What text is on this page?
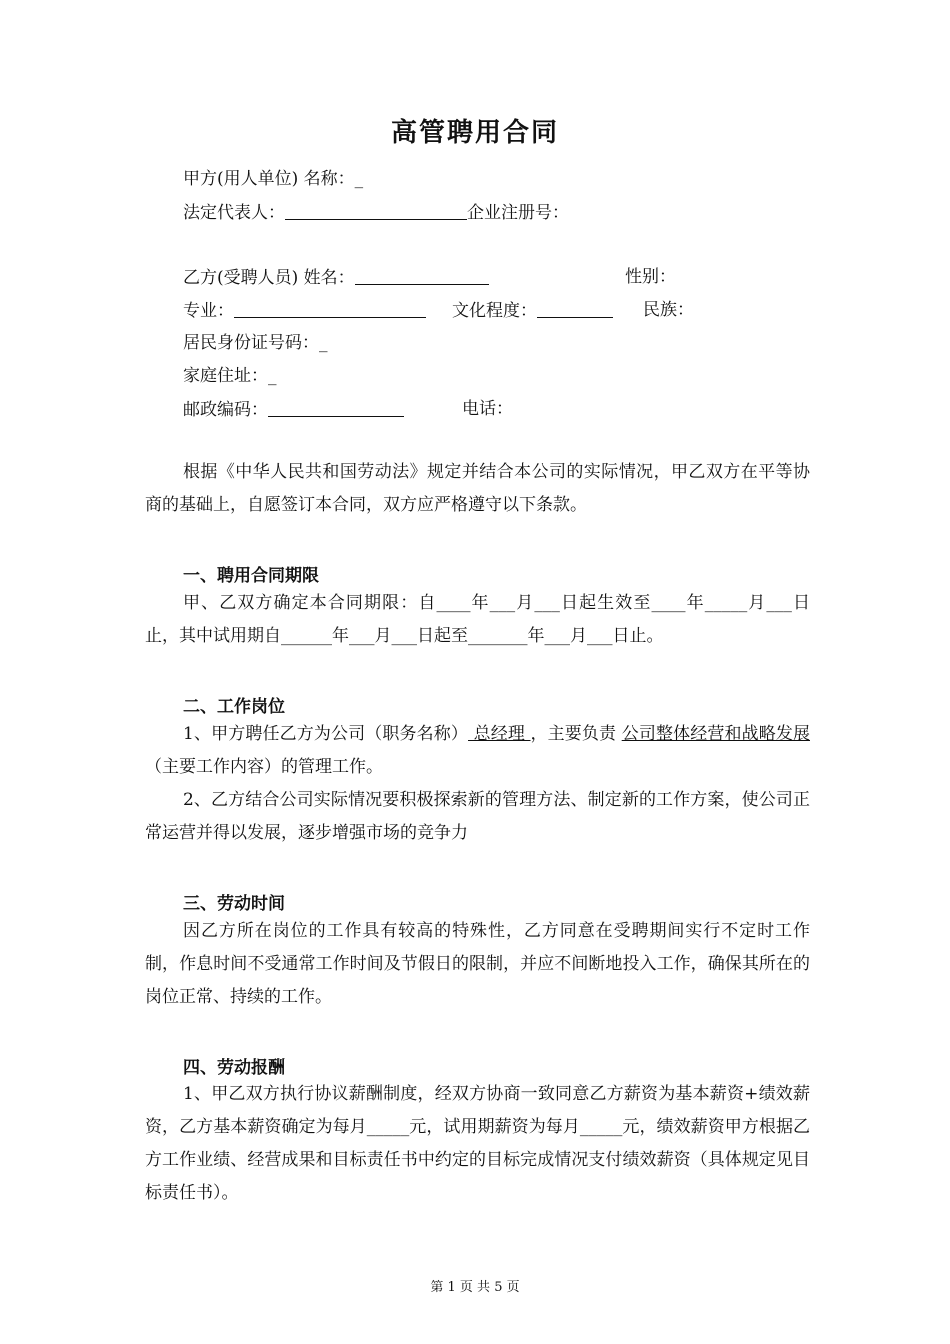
高管聘用合同
甲方(用人单位) 名称：_
法定代表人：	企业注册号：
乙方(受聘人员) 姓名：	性别：
专业：	文化程度：	民族：
居民身份证号码：_
家庭住址：_
邮政编码：	电话：
根据《中华人民共和国劳动法》规定并结合本公司的实际情况，甲乙双方在平等协商的基础上，自愿签订本合同，双方应严格遵守以下条款。
一、聘用合同期限
甲、乙双方确定本合同期限：自____年___月___日起生效至____年_____月___日止，其中试用期自______年___月___日起至_______年___月___日止。
二、工作岗位
1、甲方聘任乙方为公司（职务名称） 总经理 ，主要负责 公司整体经营和战略发展 （主要工作内容）的管理工作。
2、乙方结合公司实际情况要积极探索新的管理方法、制定新的工作方案，使公司正常运营并得以发展，逐步增强市场的竞争力
三、劳动时间
因乙方所在岗位的工作具有较高的特殊性，乙方同意在受聘期间实行不定时工作制，作息时间不受通常工作时间及节假日的限制，并应不间断地投入工作，确保其所在的岗位正常、持续的工作。
四、劳动报酬
1、甲乙双方执行协议薪酬制度，经双方协商一致同意乙方薪资为基本薪资+绩效薪资，乙方基本薪资确定为每月_____元，试用期薪资为每月_____元，绩效薪资甲方根据乙方工作业绩、经营成果和目标责任书中约定的目标完成情况支付绩效薪资（具体规定见目标责任书）。
第 1 页 共 5 页
